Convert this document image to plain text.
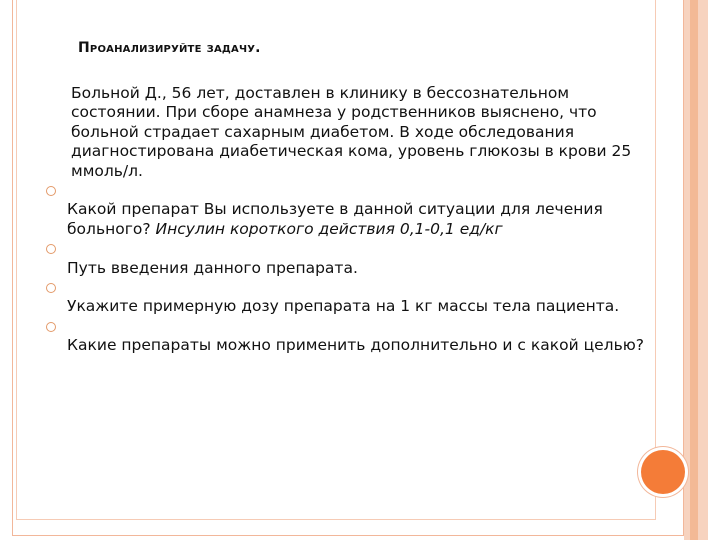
Проанализируйте задачу.

Больной Д., 56 лет, доставлен в клинику в бессознательном
состоянии. При сборе анамнеза у родственников выяснено, что
больной страдает сахарным диабетом. В ходе обследования
диагностирована диабетическая кома, уровень глюкозы в крови 25
ммоль/л.

Какой препарат Вы используете в данной ситуации для лечения
больного? Инсулин короткого действия 0,1-0,1 ед/кг

Путь введения данного препарата.

Укажите примерную дозу препарата на 1 кг массы тела пациента.

Какие препараты можно применить дополнительно и с какой целью?
